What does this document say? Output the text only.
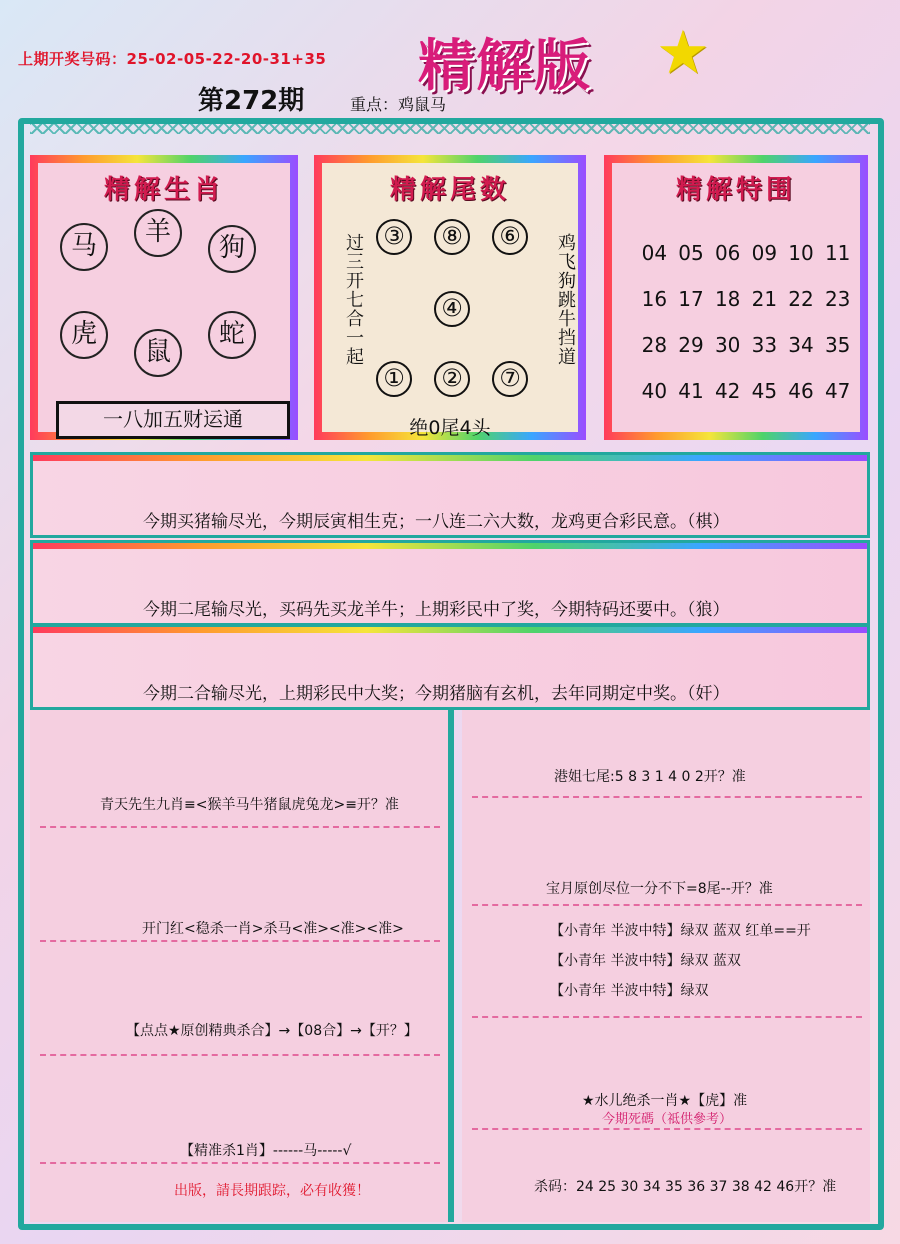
上期开奖号码：25-02-05-22-20-31+35 精解版 ★
第272期	重点：鸡鼠马
精解生肖
马	羊
狗
虎
鼠
蛇
一八加五财运通
精解尾数
③	⑧	⑥
④
①	②	⑦
过三开七合一起	鸡飞狗跳牛挡道
绝0尾4头
精解特围
04 05 06 09 10 11
16 17 18 21 22 23
28 29 30 33 34 35
40 41 42 45 46 47
今期买猪输尽光，今期辰寅相生克；一八连二六大数，龙鸡更合彩民意。（棋）
今期二尾输尽光，买码先买龙羊牛；上期彩民中了奖，今期特码还要中。（狼）
今期二合输尽光，上期彩民中大奖；今期猪脑有玄机，去年同期定中奖。（奸）
青天先生九肖≡<猴羊马牛猪鼠虎兔龙>≡开？准
开门红<稳杀一肖>杀马<准><准><准>
【点点★原创精典杀合】→【08合】→【开？】
【精准杀1肖】------马-----√
出版，請長期跟踪，必有收獲！
港姐七尾:5 8 3 1 4 0 2开？准
宝月原创尽位一分不下=8尾--开？准
【小青年 半波中特】绿双 蓝双 红单==开
【小青年 半波中特】绿双 蓝双
【小青年 半波中特】绿双
★水儿绝杀一肖★【虎】准
今期死碼（祗供參考）
杀码：24 25 30 34 35 36 37 38 42 46开？准
